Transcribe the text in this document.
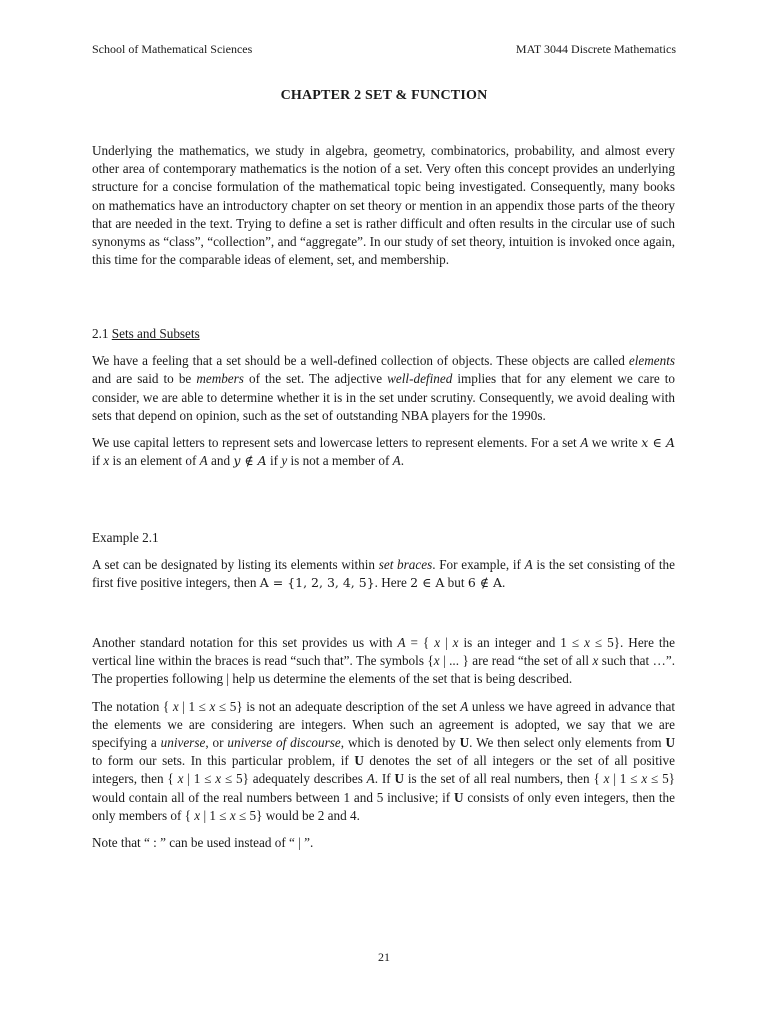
School of Mathematical Sciences	MAT 3044 Discrete Mathematics
CHAPTER 2 SET & FUNCTION

Underlying the mathematics, we study in algebra, geometry, combinatorics, probability, and almost every other area of contemporary mathematics is the notion of a set. Very often this concept provides an underlying structure for a concise formulation of the mathematical topic being investigated. Consequently, many books on mathematics have an introductory chapter on set theory or mention in an appendix those parts of the theory that are needed in the text. Trying to define a set is rather difficult and often results in the circular use of such synonyms as “class”, “collection”, and “aggregate”. In our study of set theory, intuition is invoked once again, this time for the comparable ideas of element, set, and membership.

2.1 Sets and Subsets

We have a feeling that a set should be a well-defined collection of objects. These objects are called elements and are said to be members of the set. The adjective well-defined implies that for any element we care to consider, we are able to determine whether it is in the set under scrutiny. Consequently, we avoid dealing with sets that depend on opinion, such as the set of outstanding NBA players for the 1990s.

We use capital letters to represent sets and lowercase letters to represent elements. For a set A we write x ∈ A if x is an element of A and y ∉ A if y is not a member of A.

Example 2.1

A set can be designated by listing its elements within set braces. For example, if A is the set consisting of the first five positive integers, then A = {1, 2, 3, 4, 5}. Here 2 ∈ A but 6 ∉ A.

Another standard notation for this set provides us with A = { x | x is an integer and 1 ≤ x ≤ 5}. Here the vertical line within the braces is read “such that”. The symbols {x | ... } are read “the set of all x such that …”. The properties following | help us determine the elements of the set that is being described.

The notation { x | 1 ≤ x ≤ 5} is not an adequate description of the set A unless we have agreed in advance that the elements we are considering are integers. When such an agreement is adopted, we say that we are specifying a universe, or universe of discourse, which is denoted by U. We then select only elements from U to form our sets. In this particular problem, if U denotes the set of all integers or the set of all positive integers, then { x | 1 ≤ x ≤ 5} adequately describes A. If U is the set of all real numbers, then { x | 1 ≤ x ≤ 5} would contain all of the real numbers between 1 and 5 inclusive; if U consists of only even integers, then the only members of { x | 1 ≤ x ≤ 5} would be 2 and 4.

Note that “ : ” can be used instead of “ | ”.

21
